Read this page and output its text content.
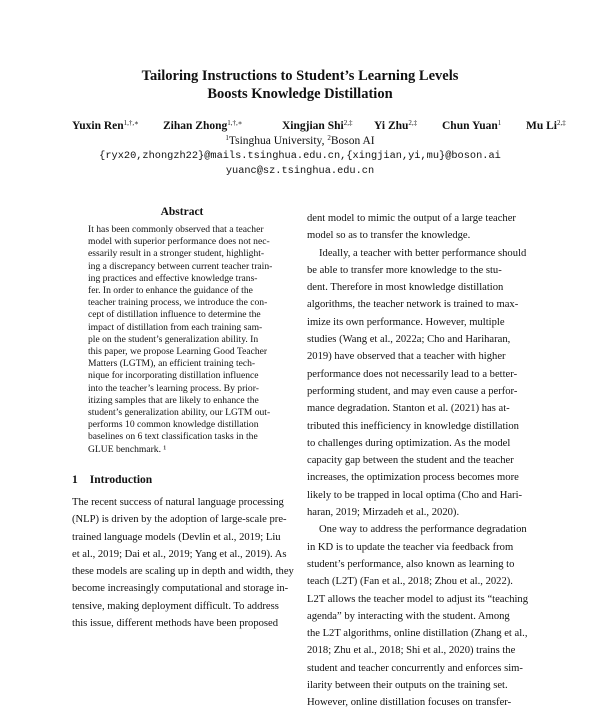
Tailoring Instructions to Student’s Learning Levels
Boosts Knowledge Distillation
Yuxin Ren$^{1,\dagger,∗}$ Zihan Zhong$^{1,\dagger,∗}$	Xingjian Shi$^{2,\ddagger}$ Yi Zhu$^{2,\ddagger}$ Chun Yuan$^1$ Mu $Li^{2,\ddagger}$
$^1$Tsinghua University, $^2$Boson AI
{ryx20,zhongzh22}@mails.tsinghua.edu.cn,{xingjian,yi,mu}@boson.ai
yuanc@sz.tsinghua.edu.cn
Abstract

It has been commonly observed that a teacher

model with superior performance does not nec-

essarily result in a stronger student, highlight-

ing a discrepancy between current teacher train-

ing practices and effective knowledge trans-

fer. In order to enhance the guidance of the

teacher training process, we introduce the con-

cept of distillation influence to determine the

impact of distillation from each training sam-

ple on the student’s generalization ability. In

this paper, we propose Learning Good Teacher

Matters (LGTM), an efficient training tech-

nique for incorporating distillation influence

into the teacher’s learning process. By prior-

itizing samples that are likely to enhance the

student’s generalization ability, our LGTM out-

performs 10 common knowledge distillation

baselines on 6 text classification tasks in the

GLUE benchmark. ¹

1 Introduction

The recent success of natural language processing

(NLP) is driven by the adoption of large-scale pre-

trained language models (Devlin et al., 2019; Liu

et al., 2019; Dai et al., 2019; Yang et al., 2019). As

these models are scaling up in depth and width, they

become increasingly computational and storage in-

tensive, making deployment difficult. To address

this issue, different methods have been proposed

dent model to mimic the output of a large teacher

model so as to transfer the knowledge.

Ideally, a teacher with better performance should

be able to transfer more knowledge to the stu-

dent. Therefore in most knowledge distillation

algorithms, the teacher network is trained to max-

imize its own performance. However, multiple

studies (Wang et al., 2022a; Cho and Hariharan,

2019) have observed that a teacher with higher

performance does not necessarily lead to a better-

performing student, and may even cause a perfor-

mance degradation. Stanton et al. (2021) has at-

tributed this inefficiency in knowledge distillation

to challenges during optimization. As the model

capacity gap between the student and the teacher

increases, the optimization process becomes more

likely to be trapped in local optima (Cho and Hari-

haran, 2019; Mirzadeh et al., 2020).

One way to address the performance degradation

in KD is to update the teacher via feedback from

student’s performance, also known as learning to

teach (L2T) (Fan et al., 2018; Zhou et al., 2022).

L2T allows the teacher model to adjust its “teaching

agenda” by interacting with the student. Among

the L2T algorithms, online distillation (Zhang et al.,

2018; Zhu et al., 2018; Shi et al., 2020) trains the

student and teacher concurrently and enforces sim-

ilarity between their outputs on the training set.

However, online distillation focuses on transfer-
